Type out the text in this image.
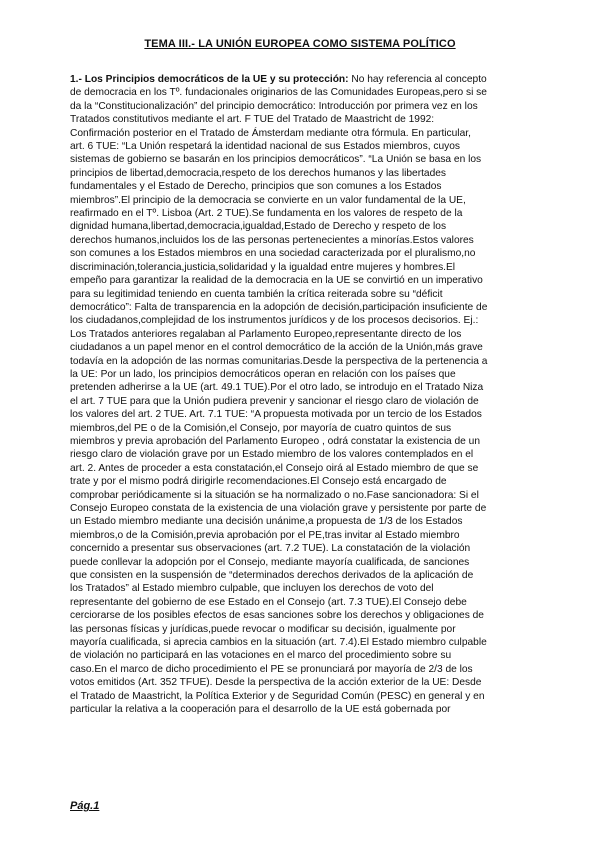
TEMA III.- LA UNIÓN EUROPEA COMO SISTEMA POLÍTICO
1.- Los Principios democráticos de la UE y su protección: No hay referencia al concepto
de democracia en los Tº. fundacionales originarios de las Comunidades Europeas,pero si se
da la “Constitucionalización” del principio democrático: Introducción por primera vez en los
Tratados constitutivos mediante el art. F TUE del Tratado de Maastricht de 1992:
Confirmación posterior en el Tratado de Ámsterdam mediante otra fórmula. En particular,
art. 6 TUE: “La Unión respetará la identidad nacional de sus Estados miembros, cuyos
sistemas de gobierno se basarán en los principios democráticos”. “La Unión se basa en los
principios de libertad,democracia,respeto de los derechos humanos y las libertades
fundamentales y el Estado de Derecho, principios que son comunes a los Estados
miembros”.El principio de la democracia se convierte en un valor fundamental de la UE,
reafirmado en el Tº. Lisboa (Art. 2 TUE).Se fundamenta en los valores de respeto de la
dignidad humana,libertad,democracia,igualdad,Estado de Derecho y respeto de los
derechos humanos,incluidos los de las personas pertenecientes a minorías.Estos valores
son comunes a los Estados miembros en una sociedad caracterizada por el pluralismo,no
discriminación,tolerancia,justicia,solidaridad y la igualdad entre mujeres y hombres.El
empeño para garantizar la realidad de la democracia en la UE se convirtió en un imperativo
para su legitimidad teniendo en cuenta también la crítica reiterada sobre su “déficit
democrático”: Falta de transparencia en la adopción de decisión,participación insuficiente de
los ciudadanos,complejidad de los instrumentos jurídicos y de los procesos decisorios. Ej.:
Los Tratados anteriores regalaban al Parlamento Europeo,representante directo de los
ciudadanos a un papel menor en el control democrático de la acción de la Unión,más grave
todavía en la adopción de las normas comunitarias.Desde la perspectiva de la pertenencia a
la UE: Por un lado, los principios democráticos operan en relación con los países que
pretenden adherirse a la UE (art. 49.1 TUE).Por el otro lado, se introdujo en el Tratado Niza
el art. 7 TUE para que la Unión pudiera prevenir y sancionar el riesgo claro de violación de
los valores del art. 2 TUE. Art. 7.1 TUE: “A propuesta motivada por un tercio de los Estados
miembros,del PE o de la Comisión,el Consejo, por mayoría de cuatro quintos de sus
miembros y previa aprobación del Parlamento Europeo , odrá constatar la existencia de un
riesgo claro de violación grave por un Estado miembro de los valores contemplados en el
art. 2. Antes de proceder a esta constatación,el Consejo oirá al Estado miembro de que se
trate y por el mismo podrá dirigirle recomendaciones.El Consejo está encargado de
comprobar periódicamente si la situación se ha normalizado o no.Fase sancionadora: Si el
Consejo Europeo constata de la existencia de una violación grave y persistente por parte de
un Estado miembro mediante una decisión unánime,a propuesta de 1/3 de los Estados
miembros,o de la Comisión,previa aprobación por el PE,tras invitar al Estado miembro
concernido a presentar sus observaciones (art. 7.2 TUE). La constatación de la violación
puede conllevar la adopción por el Consejo, mediante mayoría cualificada, de sanciones
que consisten en la suspensión de “determinados derechos derivados de la aplicación de
los Tratados” al Estado miembro culpable, que incluyen los derechos de voto del
representante del gobierno de ese Estado en el Consejo (art. 7.3 TUE).El Consejo debe
cerciorarse de los posibles efectos de esas sanciones sobre los derechos y obligaciones de
las personas físicas y jurídicas,puede revocar o modificar su decisión, igualmente por
mayoría cualificada, si aprecia cambios en la situación (art. 7.4).El Estado miembro culpable
de violación no participará en las votaciones en el marco del procedimiento sobre su
caso.En el marco de dicho procedimiento el PE se pronunciará por mayoría de 2/3 de los
votos emitidos (Art. 352 TFUE). Desde la perspectiva de la acción exterior de la UE: Desde
el Tratado de Maastricht, la Política Exterior y de Seguridad Común (PESC) en general y en
particular la relativa a la cooperación para el desarrollo de la UE está gobernada por
Pág.1
